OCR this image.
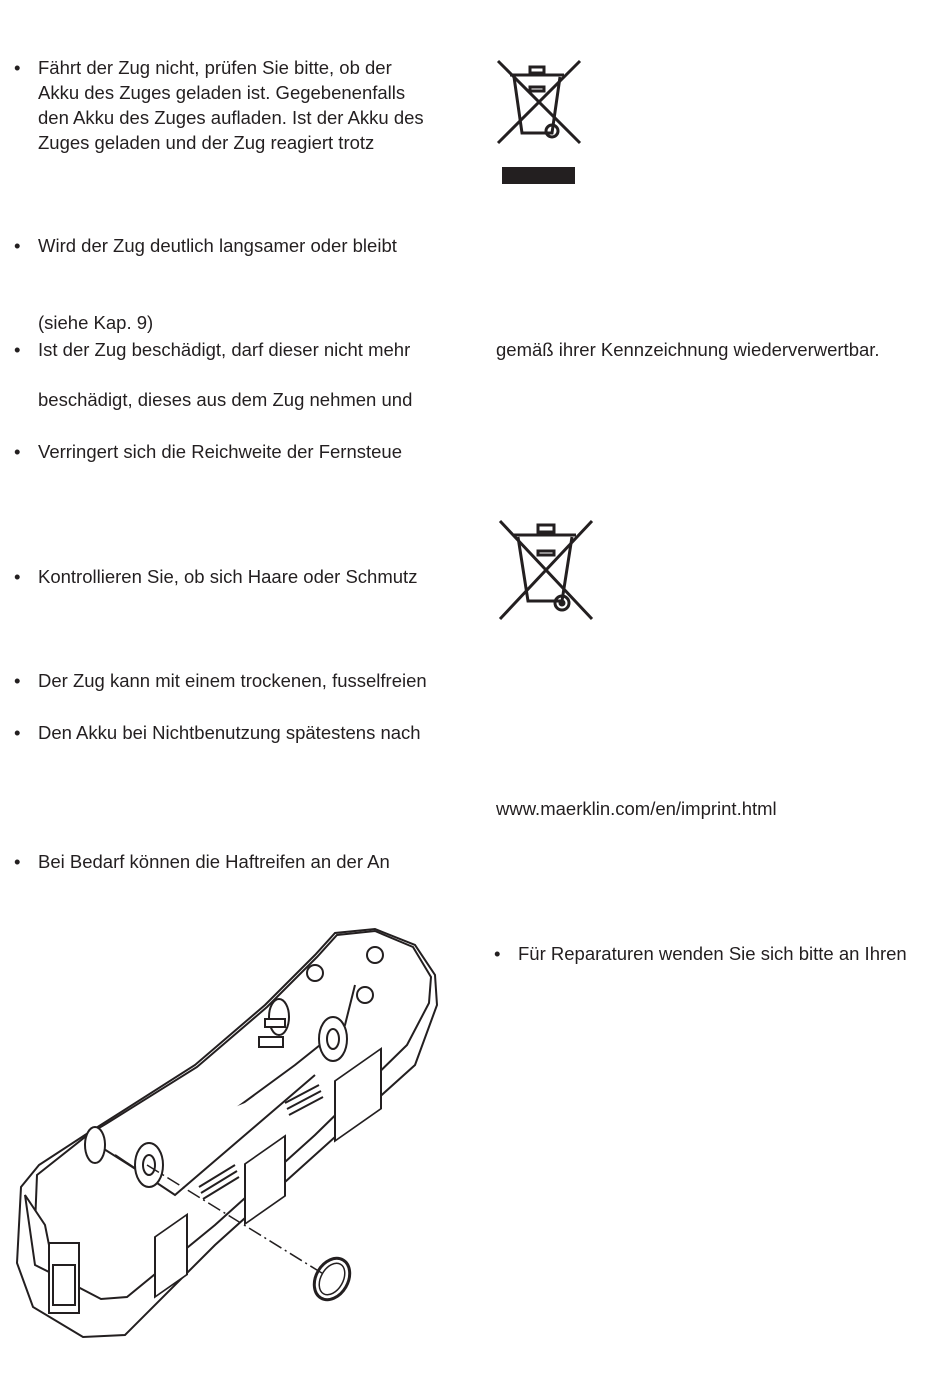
• Fährt der Zug nicht, prüfen Sie bitte, ob der
Akku des Zuges geladen ist. Gegebenenfalls
den Akku des Zuges aufladen. Ist der Akku des
Zuges geladen und der Zug reagiert trotz
• Wird der Zug deutlich langsamer oder bleibt
(siehe Kap. 9)
• Ist der Zug beschädigt, darf dieser nicht mehr
beschädigt, dieses aus dem Zug nehmen und
• Verringert sich die Reichweite der Fernsteue
• Kontrollieren Sie, ob sich Haare oder Schmutz
• Der Zug kann mit einem trockenen, fusselfreien
• Den Akku bei Nichtbenutzung spätestens nach
• Bei Bedarf können die Haftreifen an der An
gemäß ihrer Kennzeichnung wiederverwertbar.
www.maerklin.com/en/imprint.html
• Für Reparaturen wenden Sie sich bitte an Ihren
